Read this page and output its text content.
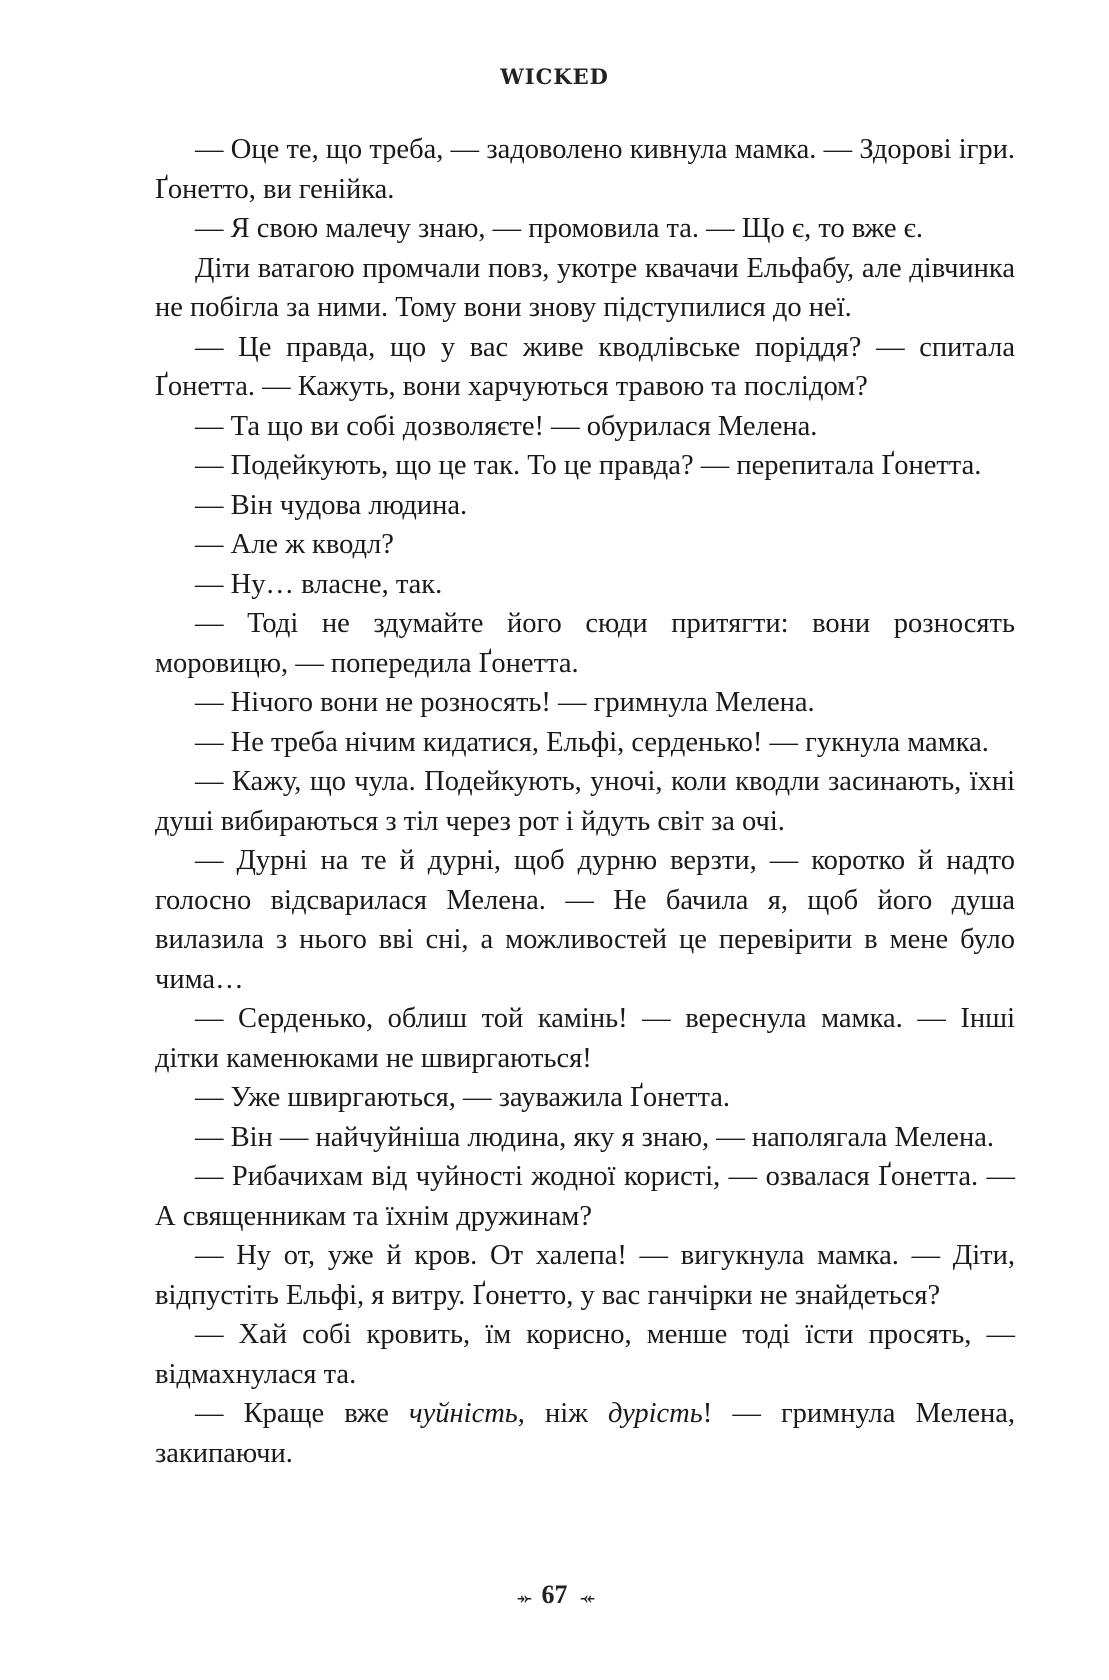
WICKED

— Оце те, що треба, — задоволено кивнула мамка. — Здорові ігри. Ґонетто, ви генійка.

— Я свою малечу знаю, — промовила та. — Що є, то вже є.

Діти ватагою промчали повз, укотре квачачи Ельфабу, але дівчинка не побігла за ними. Тому вони знову підступилися до неї.

— Це правда, що у вас живе кводлівське поріддя? — спитала Ґонетта. — Кажуть, вони харчуються травою та послідом?

— Та що ви собі дозволяєте! — обурилася Мелена.

— Подейкують, що це так. То це правда? — перепитала Ґонетта.

— Він чудова людина.

— Але ж кводл?

— Ну… власне, так.

— Тоді не здумайте його сюди притягти: вони розносять моровицю, — попередила Ґонетта.

— Нічого вони не розносять! — гримнула Мелена.

— Не треба нічим кидатися, Ельфі, серденько! — гукнула мамка.

— Кажу, що чула. Подейкують, уночі, коли кводли засинають, їхні душі вибираються з тіл через рот і йдуть світ за очі.

— Дурні на те й дурні, щоб дурню верзти, — коротко й надто голосно відсварилася Мелена. — Не бачила я, щоб його душа вилазила з нього вві сні, а можливостей це перевірити в мене було чима…

— Серденько, облиш той камінь! — вереснула мамка. — Інші дітки каменюками не швиргаються!

— Уже швиргаються, — зауважила Ґонетта.

— Він — найчуйніша людина, яку я знаю, — наполягала Мелена.

— Рибачихам від чуйності жодної користі, — озвалася Ґонетта. — А священникам та їхнім дружинам?

— Ну от, уже й кров. От халепа! — вигукнула мамка. — Діти, відпустіть Ельфі, я витру. Ґонетто, у вас ганчірки не знайдеться?

— Хай собі кровить, їм корисно, менше тоді їсти просять, — відмахнулася та.

— Краще вже чуйність, ніж дурість! — гримнула Мелена, закипаючи.

-»- 67 -«-
